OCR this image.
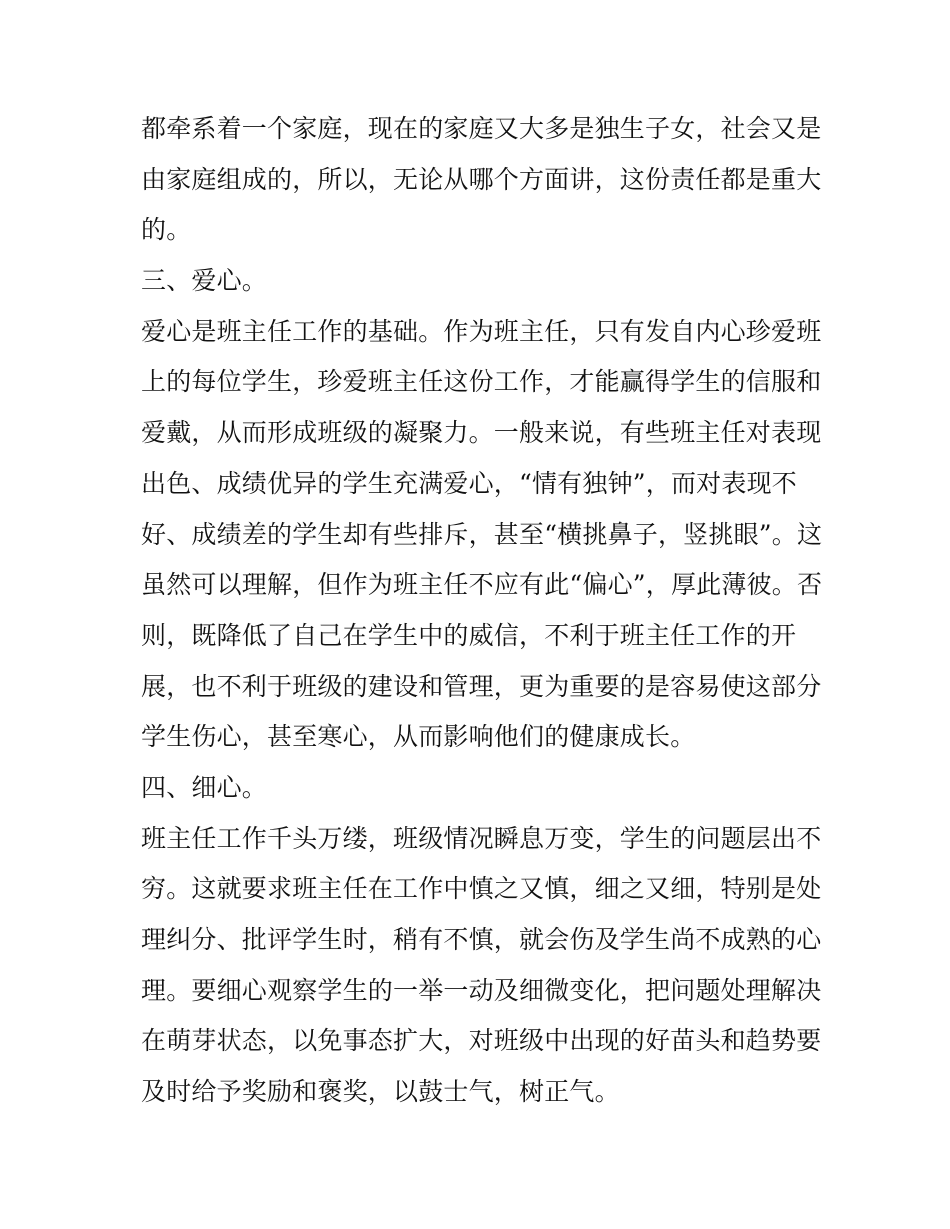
都牵系着一个家庭，现在的家庭又大多是独生子女，社会又是
由家庭组成的，所以，无论从哪个方面讲，这份责任都是重大
的。
三、爱心。
爱心是班主任工作的基础。作为班主任，只有发自内心珍爱班
上的每位学生，珍爱班主任这份工作，才能赢得学生的信服和
爱戴，从而形成班级的凝聚力。一般来说，有些班主任对表现
出色、成绩优异的学生充满爱心，“情有独钟”，而对表现不
好、成绩差的学生却有些排斥，甚至“横挑鼻子，竖挑眼”。这
虽然可以理解，但作为班主任不应有此“偏心”，厚此薄彼。否
则，既降低了自己在学生中的威信，不利于班主任工作的开
展，也不利于班级的建设和管理，更为重要的是容易使这部分
学生伤心，甚至寒心，从而影响他们的健康成长。
四、细心。
班主任工作千头万缕，班级情况瞬息万变，学生的问题层出不
穷。这就要求班主任在工作中慎之又慎，细之又细，特别是处
理纠分、批评学生时，稍有不慎，就会伤及学生尚不成熟的心
理。要细心观察学生的一举一动及细微变化，把问题处理解决
在萌芽状态，以免事态扩大，对班级中出现的好苗头和趋势要
及时给予奖励和褒奖，以鼓士气，树正气。
